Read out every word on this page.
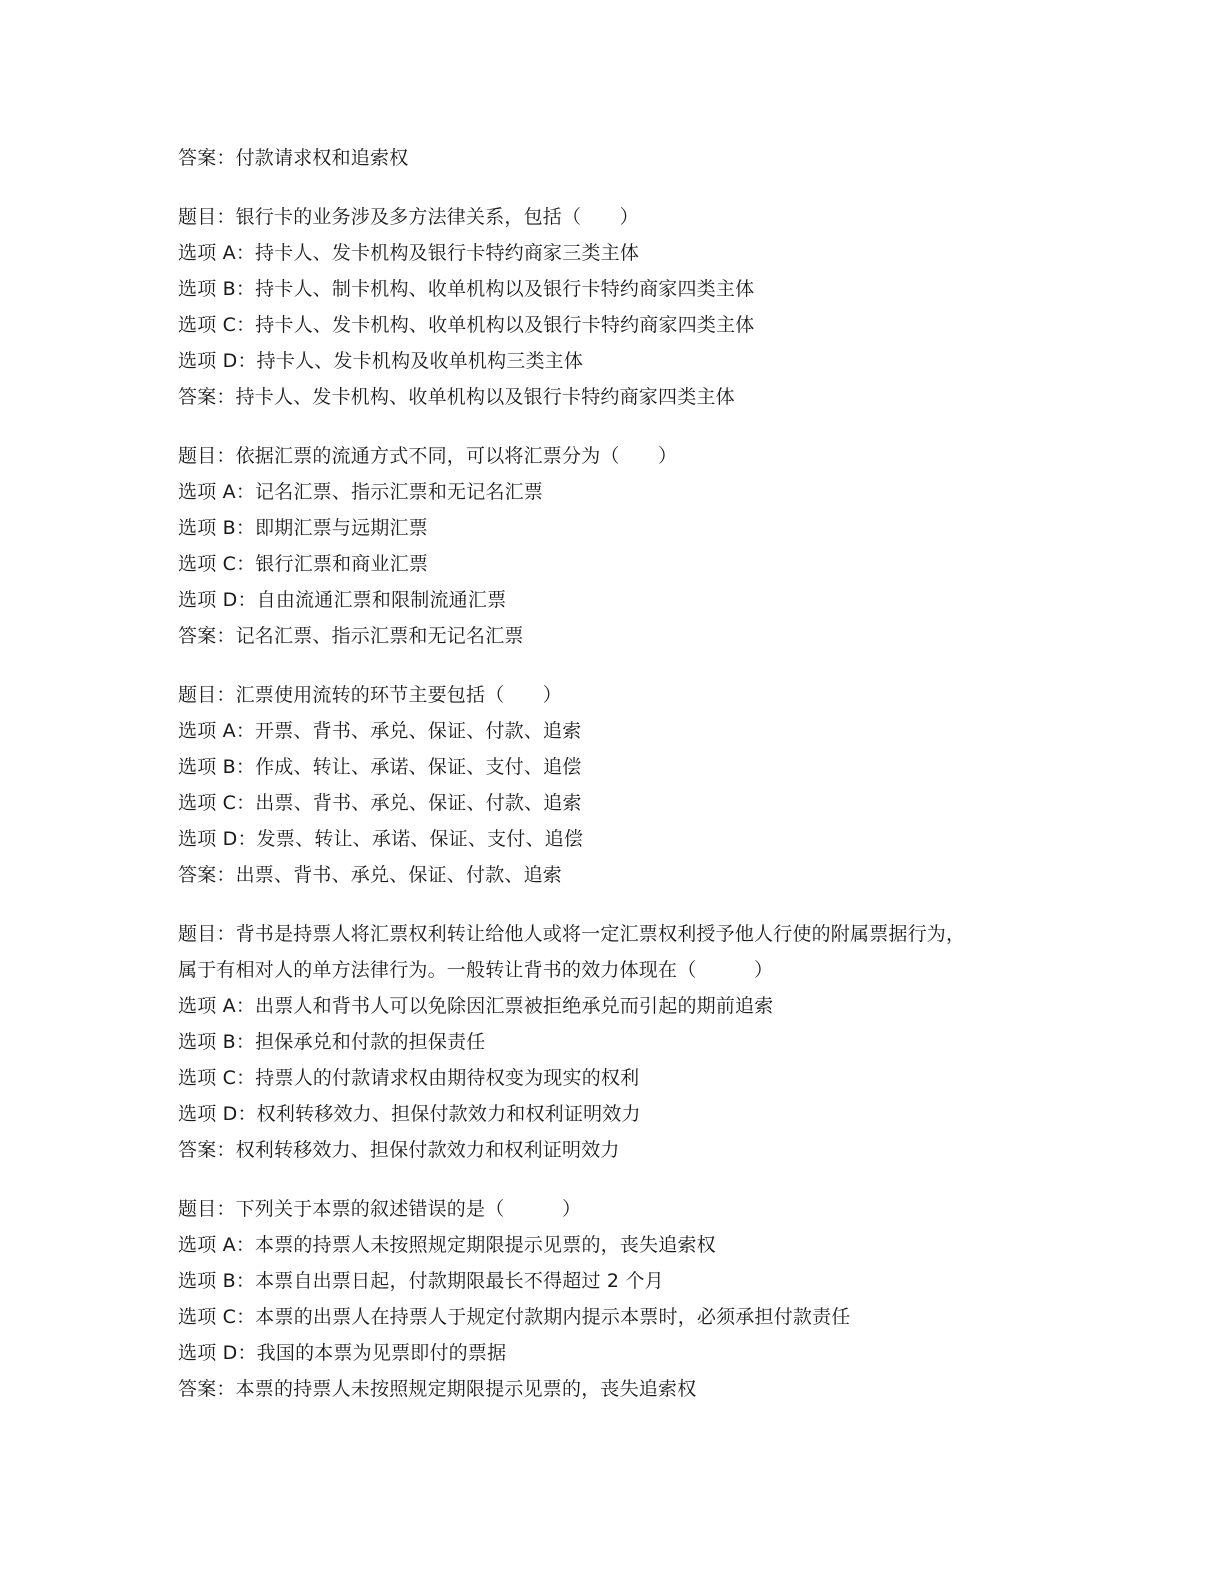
答案：付款请求权和追索权
题目：银行卡的业务涉及多方法律关系，包括（　　）
选项 A：持卡人、发卡机构及银行卡特约商家三类主体
选项 B：持卡人、制卡机构、收单机构以及银行卡特约商家四类主体
选项 C：持卡人、发卡机构、收单机构以及银行卡特约商家四类主体
选项 D：持卡人、发卡机构及收单机构三类主体
答案：持卡人、发卡机构、收单机构以及银行卡特约商家四类主体
题目：依据汇票的流通方式不同，可以将汇票分为（　　）
选项 A：记名汇票、指示汇票和无记名汇票
选项 B：即期汇票与远期汇票
选项 C：银行汇票和商业汇票
选项 D：自由流通汇票和限制流通汇票
答案：记名汇票、指示汇票和无记名汇票
题目：汇票使用流转的环节主要包括（　　）
选项 A：开票、背书、承兑、保证、付款、追索
选项 B：作成、转让、承诺、保证、支付、追偿
选项 C：出票、背书、承兑、保证、付款、追索
选项 D：发票、转让、承诺、保证、支付、追偿
答案：出票、背书、承兑、保证、付款、追索
题目：背书是持票人将汇票权利转让给他人或将一定汇票权利授予他人行使的附属票据行为，
属于有相对人的单方法律行为。一般转让背书的效力体现在（　　　）
选项 A：出票人和背书人可以免除因汇票被拒绝承兑而引起的期前追索
选项 B：担保承兑和付款的担保责任
选项 C：持票人的付款请求权由期待权变为现实的权利
选项 D：权利转移效力、担保付款效力和权利证明效力
答案：权利转移效力、担保付款效力和权利证明效力
题目：下列关于本票的叙述错误的是（　　　）
选项 A：本票的持票人未按照规定期限提示见票的，丧失追索权
选项 B：本票自出票日起，付款期限最长不得超过 2 个月
选项 C：本票的出票人在持票人于规定付款期内提示本票时，必须承担付款责任
选项 D：我国的本票为见票即付的票据
答案：本票的持票人未按照规定期限提示见票的，丧失追索权
